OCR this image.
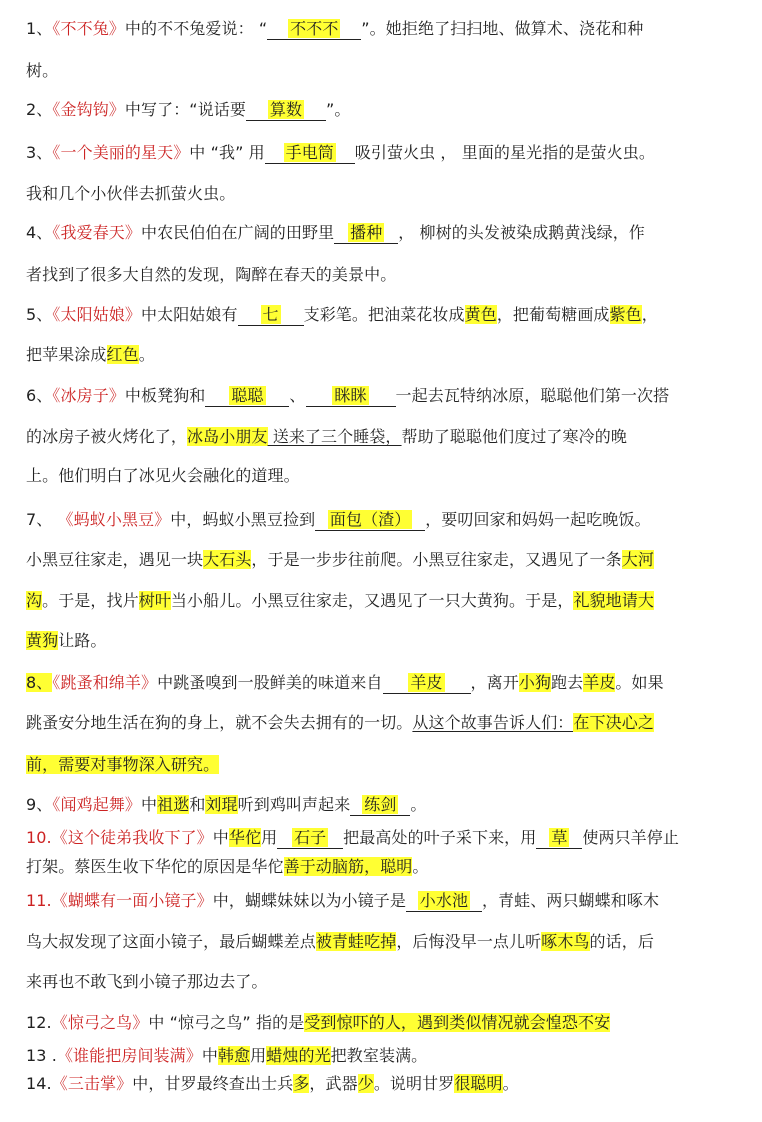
1、《不不兔》中的不不兔爱说： “ 不不不 ”。她拒绝了扫扫地、做算术、浇花和种
树。
2、《金钩钩》中写了：“说话要 算数 ”。
3、《一个美丽的星天》中 “我” 用 手电筒 吸引萤火虫 ， 里面的星光指的是萤火虫。
我和几个小伙伴去抓萤火虫。
4、《我爱春天》中农民伯伯在广阔的田野里 播种 ， 柳树的头发被染成鹅黄浅绿，作
者找到了很多大自然的发现，陶醉在春天的美景中。
5、《太阳姑娘》中太阳姑娘有 七 支彩笔。把油菜花妆成黄色，把葡萄糖画成紫色，
把苹果涂成红色。
6、《冰房子》中板凳狗和 聪聪 、 眯眯 一起去瓦特纳冰原，聪聪他们第一次搭
的冰房子被火烤化了，冰岛小朋友 送来了三个睡袋，帮助了聪聪他们度过了寒冷的晚
上。他们明白了冰见火会融化的道理。
7、 《蚂蚁小黑豆》中，蚂蚁小黑豆捡到 面包（渣） ，要叨回家和妈妈一起吃晚饭。
小黑豆往家走，遇见一块大石头，于是一步步往前爬。小黑豆往家走，又遇见了一条大河
沟。于是，找片树叶当小船儿。小黑豆往家走，又遇见了一只大黄狗。于是，礼貌地请大
黄狗让路。
8、《跳蚤和绵羊》中跳蚤嗅到一股鲜美的味道来自 羊皮 ，离开小狗跑去羊皮。如果
跳蚤安分地生活在狗的身上，就不会失去拥有的一切。从这个故事告诉人们：在下决心之
前，需要对事物深入研究。
9、《闻鸡起舞》中祖逖和刘琨听到鸡叫声起来 练剑 。
10.《这个徒弟我收下了》中华佗用 石子 把最高处的叶子采下来，用 草 使两只羊停止
打架。蔡医生收下华佗的原因是华佗善于动脑筋，聪明。
11.《蝴蝶有一面小镜子》中，蝴蝶妹妹以为小镜子是 小水池 ，青蛙、两只蝴蝶和啄木
鸟大叔发现了这面小镜子，最后蝴蝶差点被青蛙吃掉，后悔没早一点儿听啄木鸟的话，后
来再也不敢飞到小镜子那边去了。
12.《惊弓之鸟》中 “惊弓之鸟” 指的是受到惊吓的人，遇到类似情况就会惶恐不安
13 .《谁能把房间装满》中韩愈用蜡烛的光把教室装满。
14.《三击掌》中，甘罗最终查出士兵多，武器少。说明甘罗很聪明。
